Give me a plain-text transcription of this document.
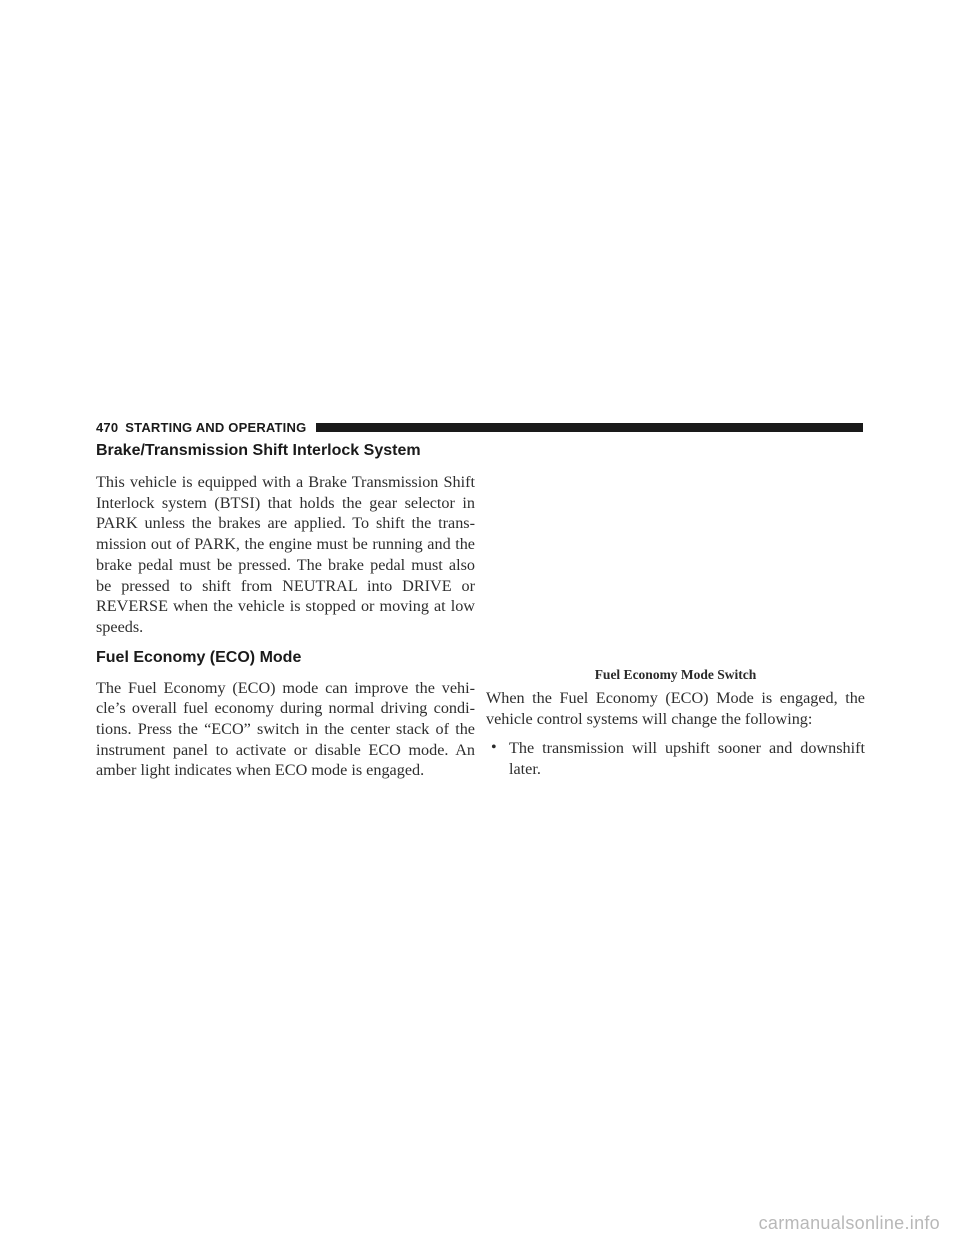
470 STARTING AND OPERATING
Brake/Transmission Shift Interlock System

This vehicle is equipped with a Brake Transmission Shift Interlock system (BTSI) that holds the gear selector in PARK unless the brakes are applied. To shift the trans-mission out of PARK, the engine must be running and the brake pedal must be pressed. The brake pedal must also be pressed to shift from NEUTRAL into DRIVE or REVERSE when the vehicle is stopped or moving at low speeds.

Fuel Economy (ECO) Mode

The Fuel Economy (ECO) mode can improve the vehi-cle’s overall fuel economy during normal driving condi-tions. Press the “ECO” switch in the center stack of the instrument panel to activate or disable ECO mode. An amber light indicates when ECO mode is engaged.

Fuel Economy Mode Switch

When the Fuel Economy (ECO) Mode is engaged, the vehicle control systems will change the following:

• The transmission will upshift sooner and downshift later.
carmanualsonline.info
